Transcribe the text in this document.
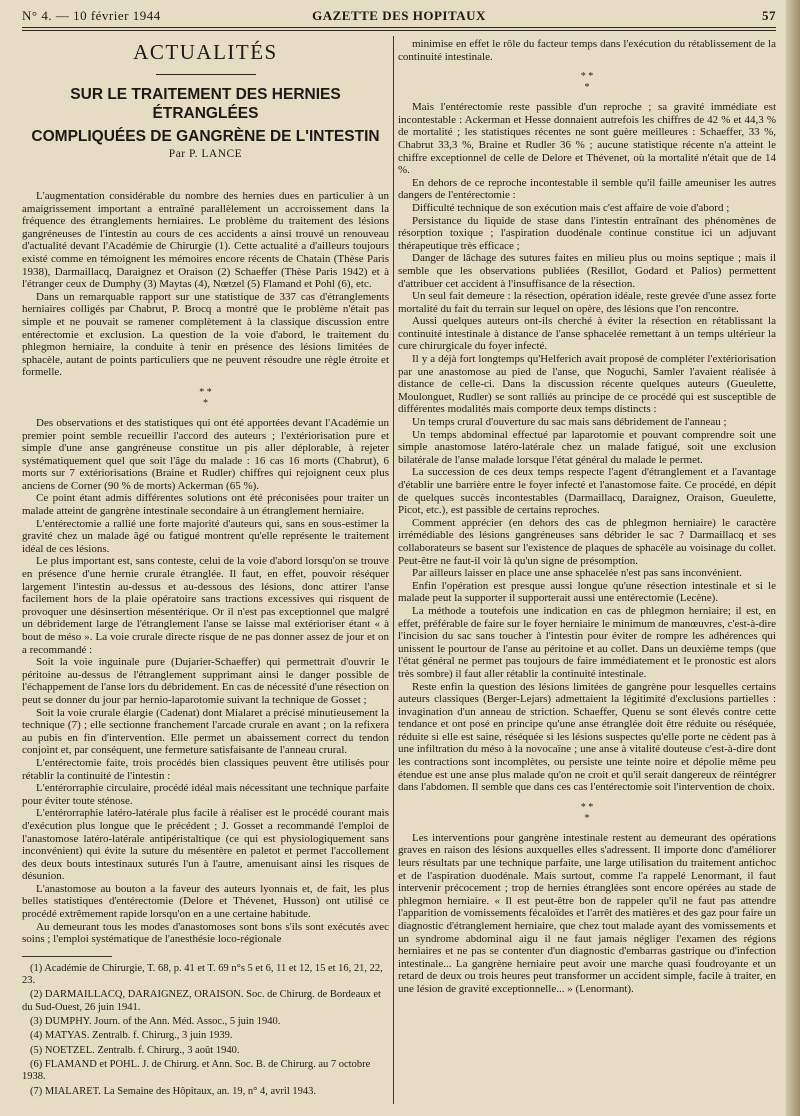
N° 4. — 10 février 1944	GAZETTE DES HOPITAUX	57
ACTUALITÉS
SUR LE TRAITEMENT DES HERNIES ÉTRANGLÉES
COMPLIQUÉES DE GANGRÈNE DE L'INTESTIN
Par P. LANCE

L'augmentation considérable du nombre des hernies dues en particulier à un amaigrissement important a entraîné parallèlement un accroissement dans la fréquence des étranglements herniaires. Le problème du traitement des lésions gangréneuses de l'intestin au cours de ces accidents a ainsi trouvé un renouveau d'actualité devant l'Académie de Chirurgie (1). Cette actualité a d'ailleurs toujours existé comme en témoignent les mémoires encore récents de Chatain (Thèse Paris 1938), Darmaillacq, Daraignez et Oraison (2) Schaeffer (Thèse Paris 1942) et à l'étranger ceux de Dumphy (3) Maytas (4), Nœtzel (5) Flamand et Pohl (6), etc.

Dans un remarquable rapport sur une statistique de 337 cas d'étranglements herniaires colligés par Chabrut, P. Brocq a montré que le problème n'était pas simple et ne pouvait se ramener complètement à la classique discussion entre entérectomie et exclusion. La question de la voie d'abord, le traitement du phlegmon herniaire, la conduite à tenir en présence des lésions limitées de sphacèle, autant de points particuliers que ne peuvent résoudre une règle étroite et formelle.

* *
*

Des observations et des statistiques qui ont été apportées devant l'Académie un premier point semble recueillir l'accord des auteurs ; l'extériorisation pure et simple d'une anse gangréneuse constitue un pis aller déplorable, à rejeter systématiquement quel que soit l'âge du malade : 16 cas 16 morts (Chabrut), 6 morts sur 7 extériorisations (Braine et Rudler) chiffres qui rejoignent ceux plus anciens de Corner (90 % de morts) Ackerman (65 %).

Ce point étant admis différentes solutions ont été préconisées pour traiter un malade atteint de gangrène intestinale secondaire à un étranglement herniaire.

L'entérectomie a rallié une forte majorité d'auteurs qui, sans en sous-estimer la gravité chez un malade âgé ou fatigué montrent qu'elle représente le traitement idéal de ces lésions.

Le plus important est, sans conteste, celui de la voie d'abord lorsqu'on se trouve en présence d'une hernie crurale étranglée. Il faut, en effet, pouvoir réséquer largement l'intestin au-dessus et au-dessous des lésions, donc attirer l'anse facilement hors de la plaie opératoire sans tractions excessives qui risquent de provoquer une désinsertion mésentérique. Or il n'est pas exceptionnel que malgré un débridement large de l'étranglement l'anse se laisse mal extérioriser étant « à bout de méso ». La voie crurale directe risque de ne pas donner assez de jour et on a recommandé :

Soit la voie inguinale pure (Dujarier-Schaeffer) qui permettrait d'ouvrir le péritoine au-dessus de l'étranglement supprimant ainsi le danger possible de l'échappement de l'anse lors du débridement. En cas de nécessité d'une résection on peut se donner du jour par hernio-laparotomie suivant la technique de Gosset ;

Soit la voie crurale élargie (Cadenat) dont Mialaret a précisé minutieusement la technique (7) ; elle sectionne franchement l'arcade crurale en avant ; on la refixera au pubis en fin d'intervention. Elle permet un abaissement correct du tendon conjoint et, par conséquent, une fermeture satisfaisante de l'anneau crural.

L'entérectomie faite, trois procédés bien classiques peuvent être utilisés pour rétablir la continuité de l'intestin :

L'entérorraphie circulaire, procédé idéal mais nécessitant une technique parfaite pour éviter toute sténose.

L'entérorraphie latéro-latérale plus facile à réaliser est le procédé courant mais d'exécution plus longue que le précédent ; J. Gosset a recommandé l'emploi de l'anastomose latéro-latérale antipéristaltique (ce qui est physiologiquement sans inconvénient) qui évite la suture du mésentère en paletot et permet l'accollement des deux bouts intestinaux suturés l'un à l'autre, amenuisant ainsi les risques de désunion.

L'anastomose au bouton a la faveur des auteurs lyonnais et, de fait, les plus belles statistiques d'entérectomie (Delore et Thévenet, Husson) ont utilisé ce procédé extrêmement rapide lorsqu'on en a une certaine habitude.

Au demeurant tous les modes d'anastomoses sont bons s'ils sont exécutés avec soins ; l'emploi systématique de l'anesthésie loco-régionale

(1) Académie de Chirurgie, T. 68, p. 41 et T. 69 n°s 5 et 6, 11 et 12, 15 et 16, 21, 22, 23.

(2) DARMAILLACQ, DARAIGNEZ, ORAISON. Soc. de Chirurg. de Bordeaux et du Sud-Ouest, 26 juin 1941.

(3) DUMPHY. Journ. of the Ann. Méd. Assoc., 5 juin 1940.

(4) MATYAS. Zentralb. f. Chirurg., 3 juin 1939.

(5) NOETZEL. Zentralb. f. Chirurg., 3 août 1940.

(6) FLAMAND et POHL. J. de Chirurg. et Ann. Soc. B. de Chirurg. au 7 octobre 1938.

(7) MIALARET. La Semaine des Hôpitaux, an. 19, n° 4, avril 1943.

minimise en effet le rôle du facteur temps dans l'exécution du rétablissement de la continuité intestinale.

* *
*

Mais l'entérectomie reste passible d'un reproche ; sa gravité immédiate est incontestable : Ackerman et Hesse donnaient autrefois les chiffres de 42 % et 44,3 % de mortalité ; les statistiques récentes ne sont guère meilleures : Schaeffer, 33 %, Chabrut 33,3 %, Braine et Rudler 36 % ; aucune statistique récente n'a atteint le chiffre exceptionnel de celle de Delore et Thévenet, où la mortalité n'était que de 14 %.

En dehors de ce reproche incontestable il semble qu'il faille ameuniser les autres dangers de l'entérectomie :

Difficulté technique de son exécution mais c'est affaire de voie d'abord ;

Persistance du liquide de stase dans l'intestin entraînant des phénomènes de résorption toxique ; l'aspiration duodénale continue constitue ici un adjuvant thérapeutique très efficace ;

Danger de lâchage des sutures faites en milieu plus ou moins septique ; mais il semble que les observations publiées (Resillot, Godard et Palios) permettent d'attribuer cet accident à l'insuffisance de la résection.

Un seul fait demeure : la résection, opération idéale, reste grevée d'une assez forte mortalité du fait du terrain sur lequel on opère, des lésions que l'on rencontre.

Aussi quelques auteurs ont-ils cherché à éviter la résection en rétablissant la continuité intestinale à distance de l'anse sphacelée remettant à un temps ultérieur la cure chirurgicale du foyer infecté.

Il y a déjà fort longtemps qu'Helferich avait proposé de compléter l'extériorisation par une anastomose au pied de l'anse, que Noguchi, Samler l'avaient réalisée à distance de celle-ci. Dans la discussion récente quelques auteurs (Gueulette, Moulonguet, Rudler) se sont ralliés au principe de ce procédé qui est susceptible de différentes modalités mais comporte deux temps distincts :

Un temps crural d'ouverture du sac mais sans débridement de l'anneau ;

Un temps abdominal effectué par laparotomie et pouvant comprendre soit une simple anastomose latéro-latérale chez un malade fatigué, soit une exclusion bilatérale de l'anse malade lorsque l'état général du malade le permet.

La succession de ces deux temps respecte l'agent d'étranglement et a l'avantage d'établir une barrière entre le foyer infecté et l'anastomose faite. Ce procédé, en dépit de quelques succès incontestables (Darmaillacq, Daraignez, Oraison, Gueulette, Picot, etc.), est passible de certains reproches.

Comment apprécier (en dehors des cas de phlegmon herniaire) le caractère irrémédiable des lésions gangréneuses sans débrider le sac ? Darmaillacq et ses collaborateurs se basent sur l'existence de plaques de sphacèle au voisinage du collet. Peut-être ne faut-il voir là qu'un signe de présomption.

Par ailleurs laisser en place une anse sphacelée n'est pas sans inconvénient.

Enfin l'opération est presque aussi longue qu'une résection intestinale et si le malade peut la supporter il supporterait aussi une entérectomie (Lecène).

La méthode a toutefois une indication en cas de phlegmon herniaire; il est, en effet, préférable de faire sur le foyer herniaire le minimum de manœuvres, c'est-à-dire l'incision du sac sans toucher à l'intestin pour éviter de rompre les adhérences qui unissent le pourtour de l'anse au péritoine et au collet. Dans un deuxième temps (que l'état général ne permet pas toujours de faire immédiatement et le pronostic est alors très sombre) il faut aller rétablir la continuité intestinale.

Reste enfin la question des lésions limitées de gangrène pour lesquelles certains auteurs classiques (Berger-Lejars) admettaient la légitimité d'exclusions partielles : invagination d'un anneau de striction. Schaeffer, Quenu se sont élevés contre cette tendance et ont posé en principe qu'une anse étranglée doit être réduite ou réséquée, réduite si elle est saine, réséquée si les lésions suspectes qu'elle porte ne cèdent pas à une infiltration du méso à la novocaïne ; une anse à vitalité douteuse c'est-à-dire dont les contractions sont incomplètes, ou persiste une teinte noire et dépolie même peu étendue est une anse plus malade qu'on ne croit et qu'il serait dangereux de réintégrer dans l'abdomen. Il semble que dans ces cas l'entérectomie soit l'intervention de choix.

* *
*

Les interventions pour gangrène intestinale restent au demeurant des opérations graves en raison des lésions auxquelles elles s'adressent. Il importe donc d'améliorer leurs résultats par une technique parfaite, une large utilisation du traitement antichoc et de l'aspiration duodénale. Mais surtout, comme l'a rappelé Lenormant, il faut intervenir précocement ; trop de hernies étranglées sont encore opérées au stade de phlegmon herniaire. « Il est peut-être bon de rappeler qu'il ne faut pas attendre l'apparition de vomissements fécaloïdes et l'arrêt des matières et des gaz pour faire un diagnostic d'étranglement herniaire, que chez tout malade ayant des vomissements et un syndrome abdominal aigu il ne faut jamais négliger l'examen des régions herniaires et ne pas se contenter d'un diagnostic d'embarras gastrique ou d'infection intestinale... La gangrène herniaire peut avoir une marche quasi foudroyante et un retard de deux ou trois heures peut transformer un accident simple, facile à traiter, en une lésion de gravité exceptionnelle... » (Lenormant).
